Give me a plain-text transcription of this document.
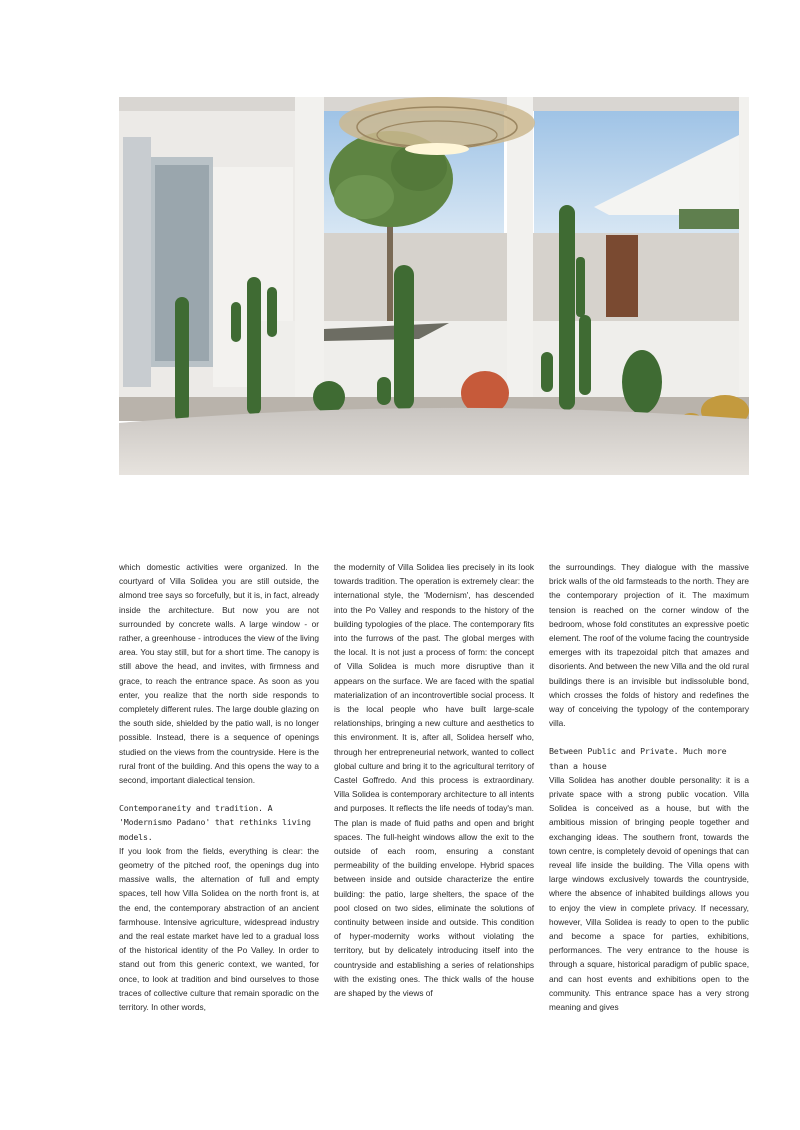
which domestic activities were organized. In the courtyard of Villa Solidea you are still outside, the almond tree says so forcefully, but it is, in fact, already inside the architecture. But now you are not surrounded by concrete walls. A large window - or rather, a greenhouse - introduces the view of the living area. You stay still, but for a short time. The canopy is still above the head, and invites, with firmness and grace, to reach the entrance space. As soon as you enter, you realize that the north side responds to completely different rules. The large double glazing on the south side, shielded by the patio wall, is no longer possible. Instead, there is a sequence of openings studied on the views from the countryside. Here is the rural front of the building. And this opens the way to a second, important dialectical tension.

Contemporaneity and tradition. A 'Modernismo Padano' that rethinks living models.

If you look from the fields, everything is clear: the geometry of the pitched roof, the openings dug into massive walls, the alternation of full and empty spaces, tell how Villa Solidea on the north front is, at the end, the contemporary abstraction of an ancient farmhouse. Intensive agriculture, widespread industry and the real estate market have led to a gradual loss of the historical identity of the Po Valley. In order to stand out from this generic context, we wanted, for once, to look at tradition and bind ourselves to those traces of collective culture that remain sporadic on the territory. In other words,

the modernity of Villa Solidea lies precisely in its look towards tradition. The operation is extremely clear: the international style, the 'Modernism', has descended into the Po Valley and responds to the history of the building typologies of the place. The contemporary fits into the furrows of the past. The global merges with the local. It is not just a process of form: the concept of Villa Solidea is much more disruptive than it appears on the surface. We are faced with the spatial materialization of an incontrovertible social process. It is the local people who have built large-scale relationships, bringing a new culture and aesthetics to this environment. It is, after all, Solidea herself who, through her entrepreneurial network, wanted to collect global culture and bring it to the agricultural territory of Castel Goffredo. And this process is extraordinary. Villa Solidea is contemporary architecture to all intents and purposes. It reflects the life needs of today's man. The plan is made of fluid paths and open and bright spaces. The full-height windows allow the exit to the outside of each room, ensuring a constant permeability of the building envelope. Hybrid spaces between inside and outside characterize the entire building: the patio, large shelters, the space of the pool closed on two sides, eliminate the solutions of continuity between inside and outside. This condition of hyper-modernity works without violating the territory, but by delicately introducing itself into the countryside and establishing a series of relationships with the existing ones. The thick walls of the house are shaped by the views of

the surroundings. They dialogue with the massive brick walls of the old farmsteads to the north. They are the contemporary projection of it. The maximum tension is reached on the corner window of the bedroom, whose fold constitutes an expressive poetic element. The roof of the volume facing the countryside emerges with its trapezoidal pitch that amazes and disorients. And between the new Villa and the old rural buildings there is an invisible but indissoluble bond, which crosses the folds of history and redefines the way of conceiving the typology of the contemporary villa.

Between Public and Private. Much more than a house

Villa Solidea has another double personality: it is a private space with a strong public vocation. Villa Solidea is conceived as a house, but with the ambitious mission of bringing people together and exchanging ideas. The southern front, towards the town centre, is completely devoid of openings that can reveal life inside the building. The Villa opens with large windows exclusively towards the countryside, where the absence of inhabited buildings allows you to enjoy the view in complete privacy. If necessary, however, Villa Solidea is ready to open to the public and become a space for parties, exhibitions, performances. The very entrance to the house is through a square, historical paradigm of public space, and can host events and exhibitions open to the community. This entrance space has a very strong meaning and gives
